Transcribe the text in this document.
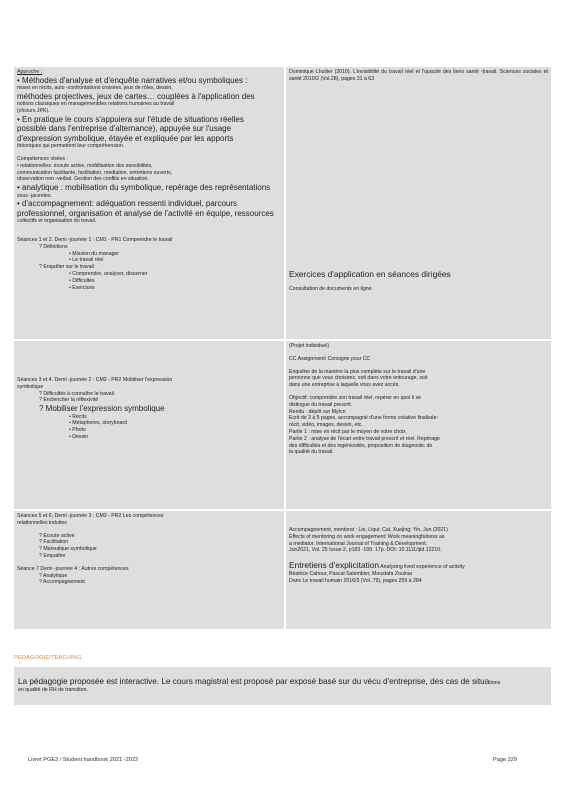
Approche :
• Méthodes d'analyse et d'enquête narratives et/ou symboliques :
mises en récits, auto -confrontations croisées, jeux de rôles, dessin,
méthodes projectives, jeux de cartes… couplées à l'application des
notions classiques en managementdes relations humaines au travail
(cfcours JPK).
• En pratique le cours s'appuiera sur l'étude de situations réelles
possible dans l'entreprise d'alternance), appuyée sur l'usage
d'expression symbolique, étayée et expliquée par les apports
théoriques qui permettent leur compréhension.
Compétences visées :
• relationnelles: écoute active, mobilisation des sensibilités,
communication facilitante, facilitation, médiation, entretiens ouverts,
observation non -verbal. Gestion des conflits en situation.
• analytique : mobilisation du symbolique, repérage des représentations
sous -jacentes.
• d'accompagnement: adéquation ressenti individuel, parcours
professionnel, organisation et analyse de l'activité en équipe, ressources
collectifs et organisation du travail.
Séances 1 et 2. Demi -journée 1 : CM1 - PR1 Comprendre le travail
? Définitions
• Mission du manager
• Le travail réel
? Enquêter sur le travail
• Comprendre, analyser, discerner
• Difficultés
• Exercices
Dominique Lhuilier (2010). L'invisibilité du travail réel et l'opacité des liens santé -travail. Sciences sociales et santé 2010/2 (Vol.28), pages 31 à 63
Exercices d'application en séances dirigées
Consultation de documents en ligne.
Séances 3 et 4. Demi -journée 2 : CM2 - PR2 Mobiliser l'expression
symbolique
? Difficultés à connaître le travail
? Enclencher la réflexivité
? Mobiliser l'expression symbolique
• Récits
• Métaphores, storyboard
• Photo
• Dessin
(Projet individuel)
CC Assignment/ Consigne pour CC
Enquêter de la manière la plus complète sur le travail d'une
personne que vous choisirez, soit dans votre entourage, soit
dans une entreprise à laquelle vous avez accès.
Objectif: comprendre son travail réel, repérer en quoi il se
distingue du travail prescrit.
Rendu : dépôt sur MyIcn
Ecrit de 3 à 5 pages, accompagné d'une forme créative finalisée:
récit, vidéo, images, dessin, etc.
Partie 1 : mise en récit par le moyen de votre choix
Partie 2 : analyse de l'écart entre travail prescrit et réel. Repérage
des difficultés et des ingéniosités, proposition de diagnostic de
la qualité du travail.
Séances 5 et 6, Demi -journée 3 : CM3 - PR2 Les compétences
relationnelles induites
? Ecoute active
? Facilitation
? Maïeutique symbolique
? Empathie
Séance 7 Demi -journée 4 : Autres compétences
? Analytique
? Accompagnement
Accompagnement, mentorat : Lin, Liqui; Cai, Xuejing; Yin, Jun (2021)
Effects of mentoring on work engagement: Work meaningfulness as
a mediator. International Journal of Training & Development.
Jun2021, Vol. 25 Issue 2, p183 -199. 17p. DOI: 10.1111/ijtd.12210.
Entretiens d'explicitation Analyzing lived experience of activity
Béatrice Cahour, Pascal Salembier, Moustafa Zouinar
Dans Le travail humain 2016/3 (Vol. 79), pages 259 à 284
PÉDAGOGIE/TEACHING
La pédagogie proposée est interactive. Le cours magistral est proposé par exposé basé sur du vécu d'entreprise, des cas de situations
en qualité de RH de transition.
Livret PGE3 / Student handbook 2021 -2022	Page 329
